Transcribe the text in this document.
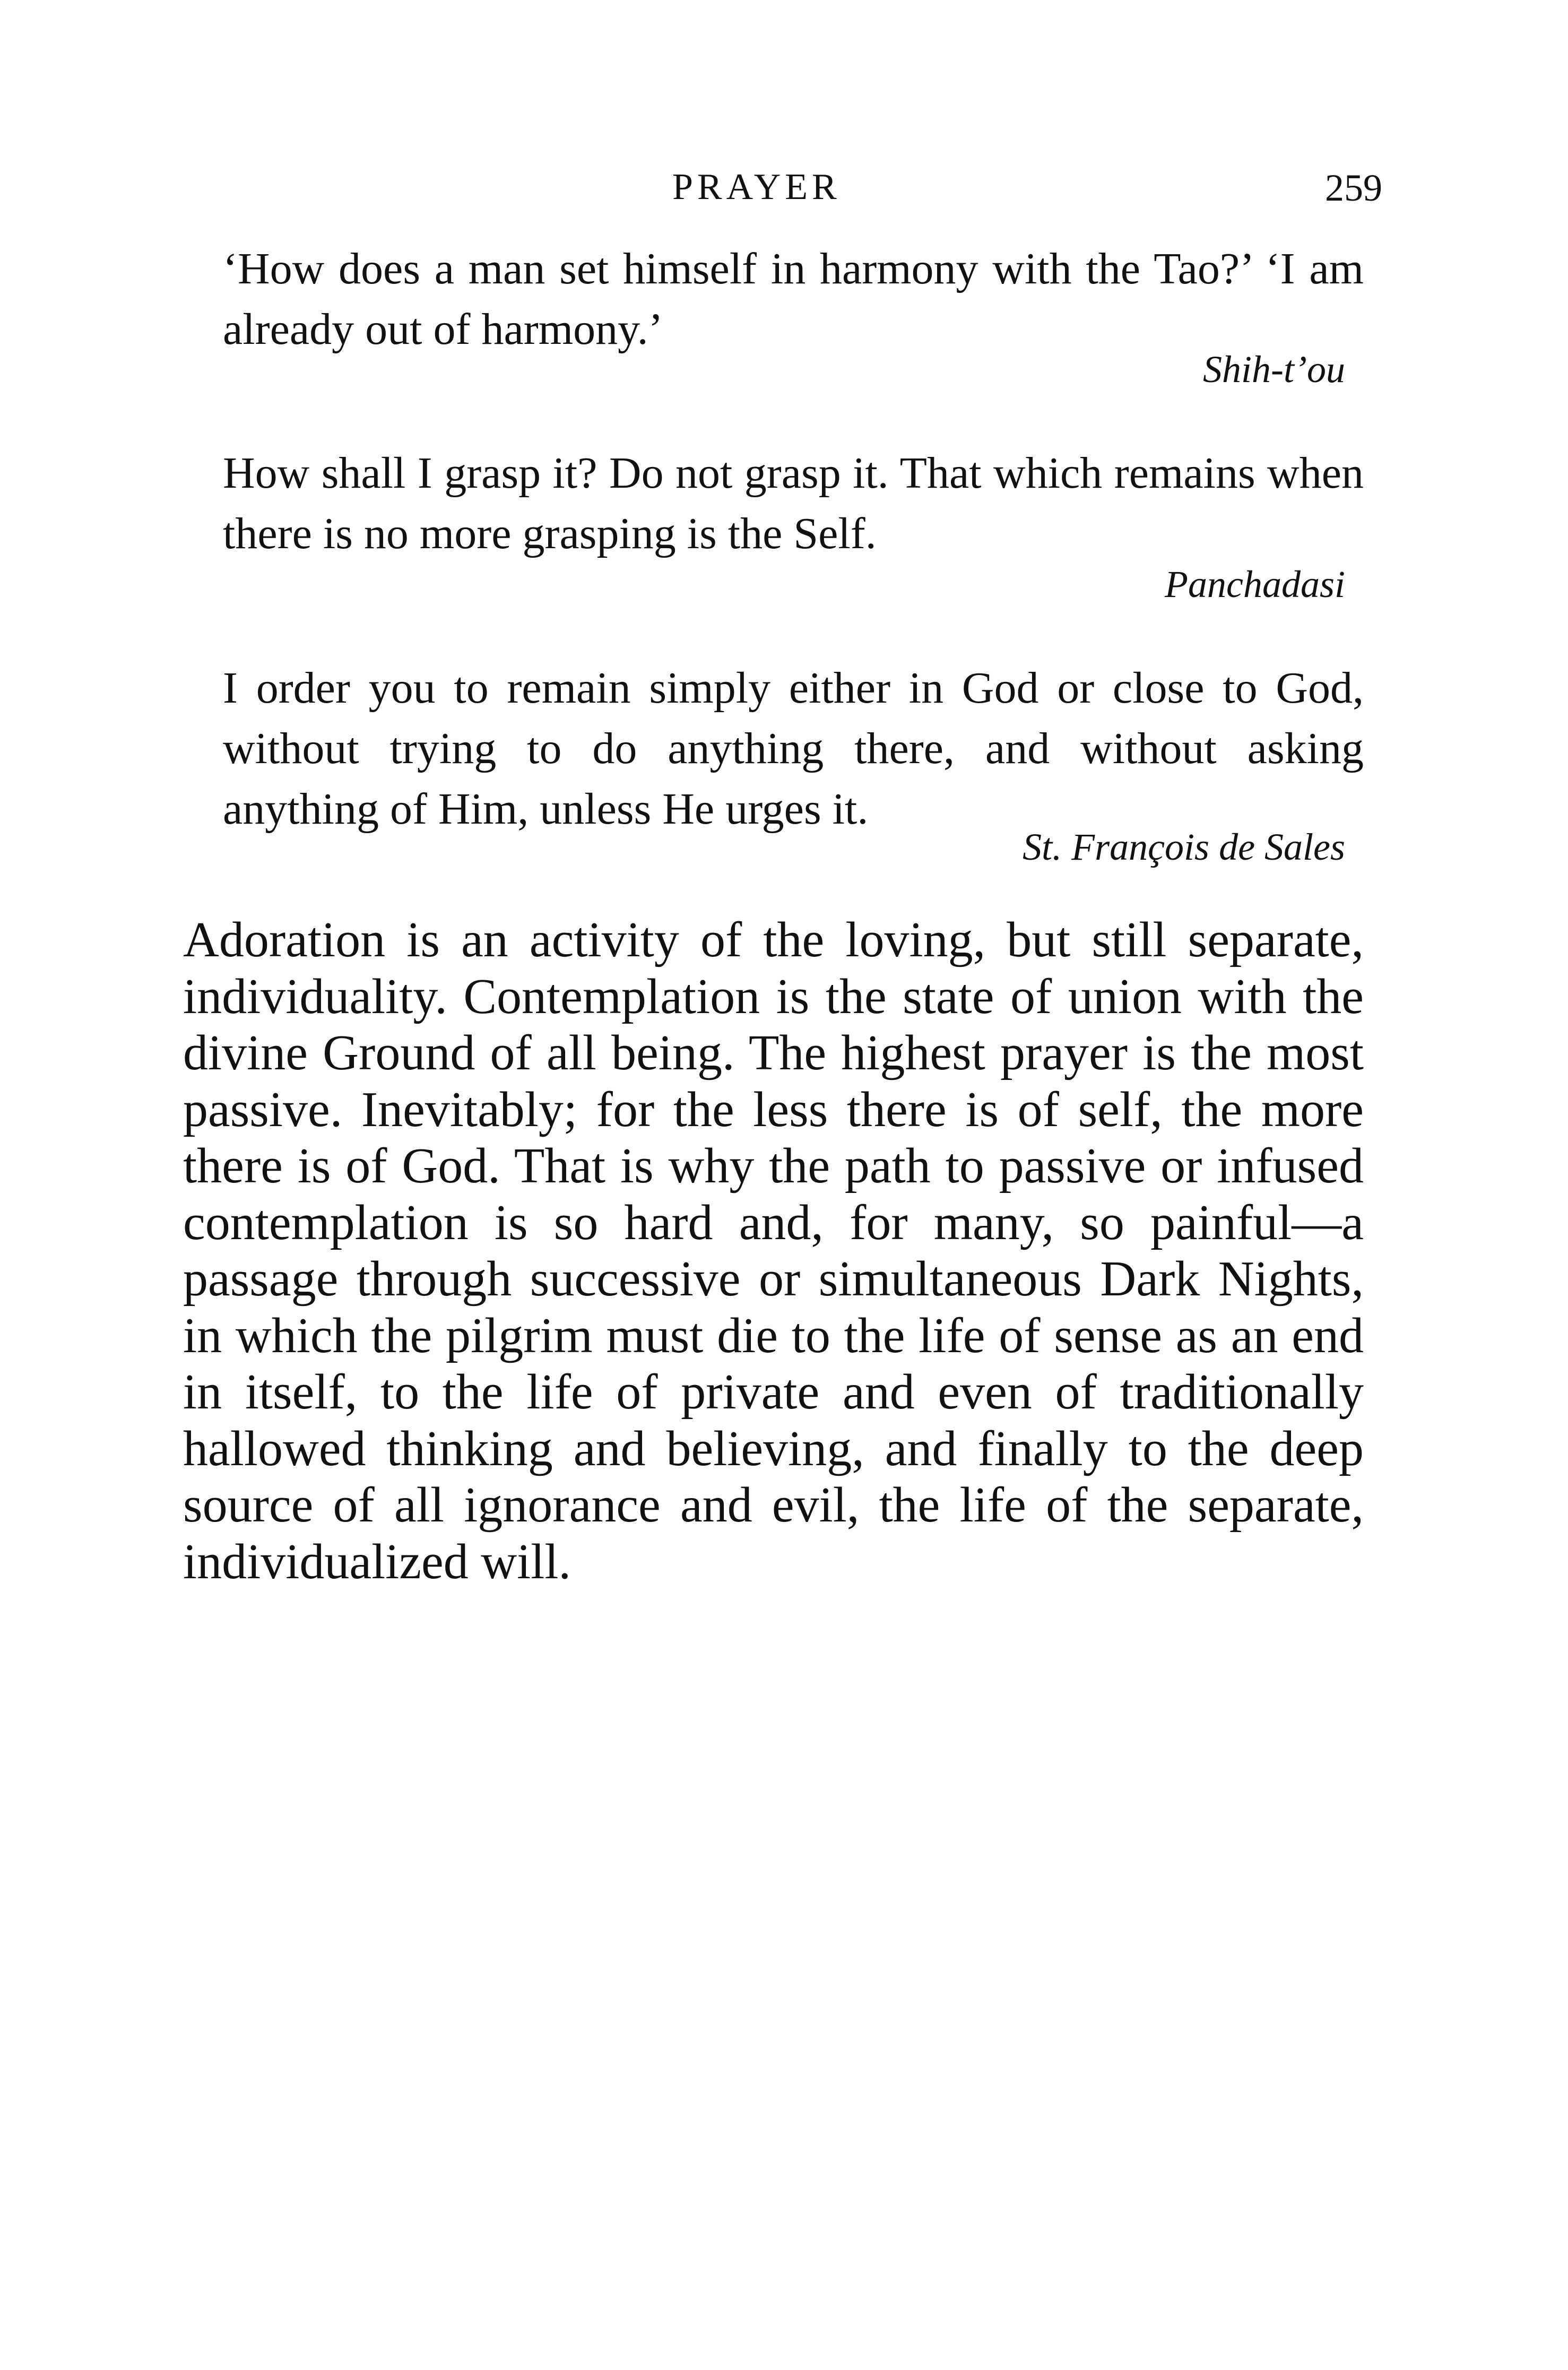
PRAYER	259

‘How does a man set himself in harmony with the Tao?’ ‘I am already out of harmony.’

Shih-t’ou

How shall I grasp it? Do not grasp it. That which remains when there is no more grasping is the Self.

Panchadasi

I order you to remain simply either in God or close to God, without trying to do anything there, and without asking anything of Him, unless He urges it.

St. François de Sales

Adoration is an activity of the loving, but still separate, individuality. Contemplation is the state of union with the divine Ground of all being. The highest prayer is the most passive. Inevitably; for the less there is of self, the more there is of God. That is why the path to passive or infused contemplation is so hard and, for many, so painful—a passage through successive or simultaneous Dark Nights, in which the pilgrim must die to the life of sense as an end in itself, to the life of private and even of traditionally hallowed thinking and believing, and finally to the deep source of all ignorance and evil, the life of the separate, individualized will.
